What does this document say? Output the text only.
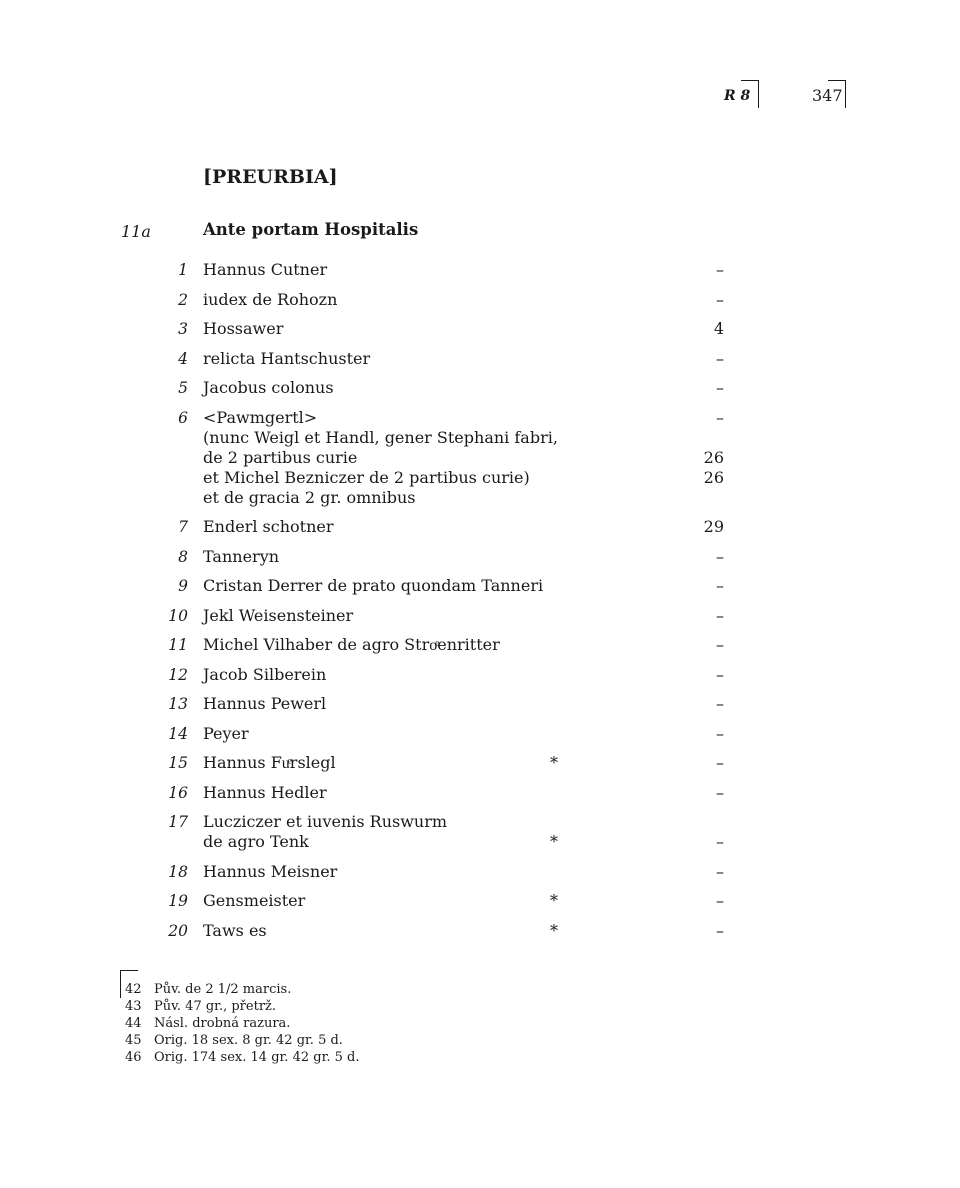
R 8	347
[PREURBIA]
11a	Ante portam Hospitalis
1 Hannus Cutner	–
2 iudex de Rohozn	–
3 Hossawer	4
4 relicta Hantschuster	–
5 Jacobus colonus	–
6 <Pawmgertl>	–
(nunc Weigl et Handl, gener Stephani fabri,
de 2 partibus curie	26
et Michel Bezniczer de 2 partibus curie)	26
et de gracia 2 gr. omnibus
7 Enderl schotner	29
8 Tanneryn	–
9 Cristan Derrer de prato quondam Tanneri	–
10 Jekl Weisensteiner	–
11 Michel Vilhaber de agro Stroͤenritter	–
12 Jacob Silberein	–
13 Hannus Pewerl	–
14 Peyer	–
15 Hannus Fuͤrslegl	*	–
16 Hannus Hedler	–
17 Lucziczer et iuvenis Ruswurm
de agro Tenk	*	–
18 Hannus Meisner	–
19 Gensmeister	*	–
20 Taws es	*	–
42 Pův. de 2 1/2 marcis.
43 Pův. 47 gr., přetrž.
44 Násl. drobná razura.
45 Orig. 18 sex. 8 gr. 42 gr. 5 d.
46 Orig. 174 sex. 14 gr. 42 gr. 5 d.
